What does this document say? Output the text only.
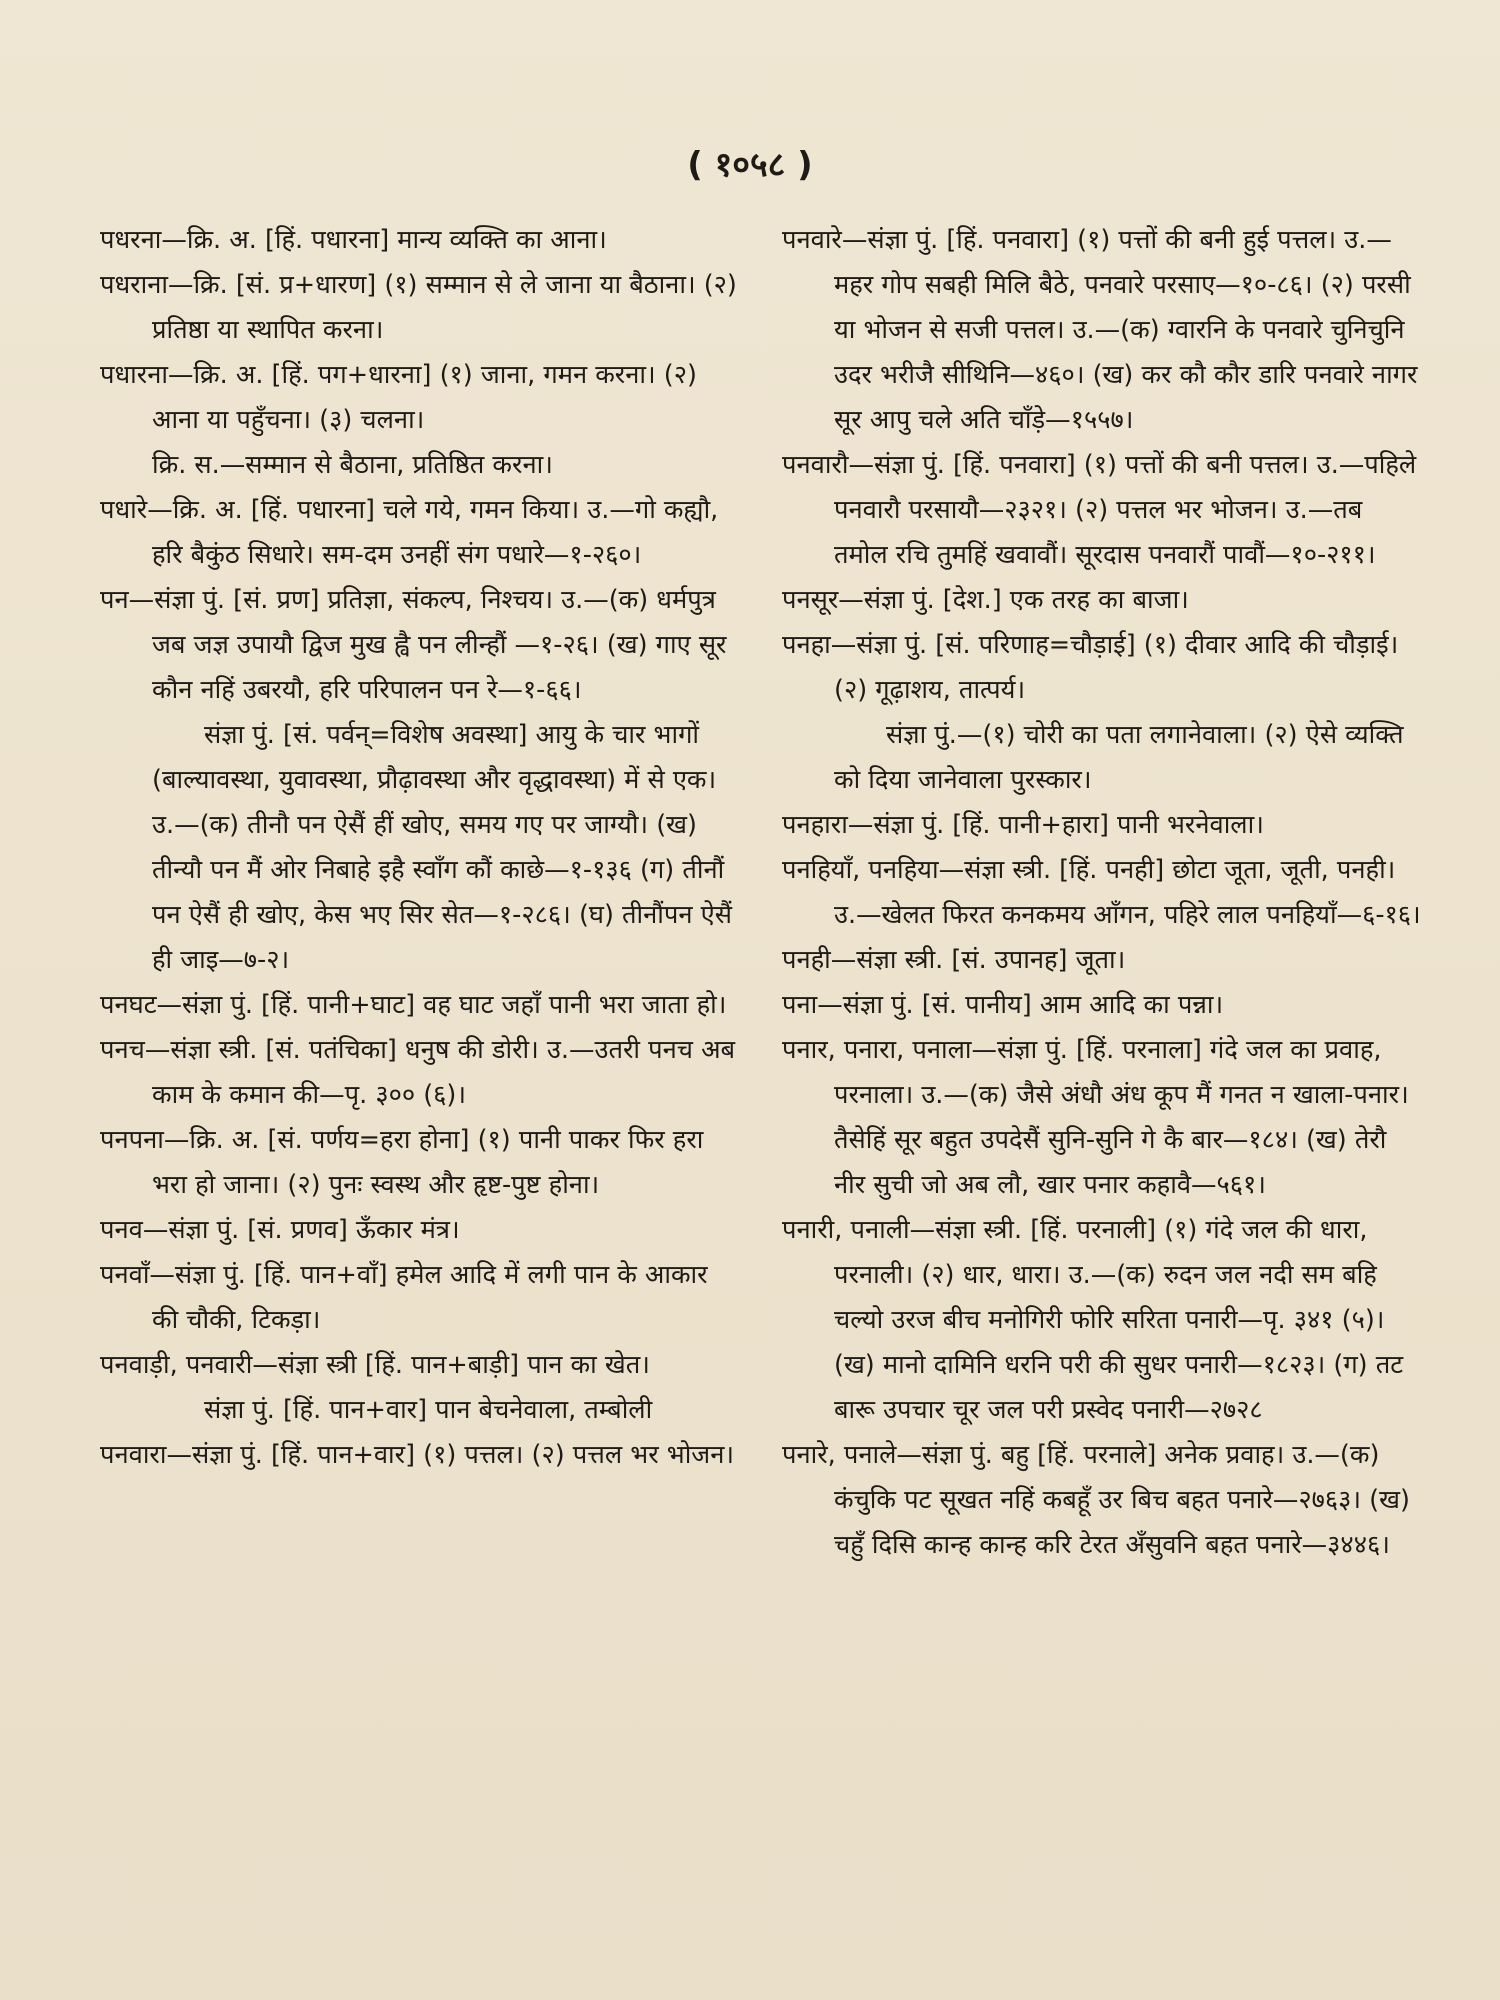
( १०५८ )

पधरना—क्रि. अ. [हिं. पधारना] मान्य व्यक्ति का आना।

पधराना—क्रि. [सं. प्र+धारण] (१) सम्मान से ले जाना या बैठाना। (२) प्रतिष्ठा या स्थापित करना।

पधारना—क्रि. अ. [हिं. पग+धारना] (१) जाना, गमन करना। (२) आना या पहुँचना। (३) चलना।

क्रि. स.—सम्मान से बैठाना, प्रतिष्ठित करना।

पधारे—क्रि. अ. [हिं. पधारना] चले गये, गमन किया। उ.—गो कह्यौ, हरि बैकुंठ सिधारे। सम-दम उनहीं संग पधारे—१-२६०।

पन—संज्ञा पुं. [सं. प्रण] प्रतिज्ञा, संकल्प, निश्चय। उ.—(क) धर्मपुत्र जब जज्ञ उपायौ द्विज मुख ह्वै पन लीन्हौं —१-२६। (ख) गाए सूर कौन नहिं उबरयौ, हरि परिपालन पन रे—१-६६।

संज्ञा पुं. [सं. पर्वन्=विशेष अवस्था] आयु के चार भागों (बाल्यावस्था, युवावस्था, प्रौढ़ावस्था और वृद्धावस्था) में से एक। उ.—(क) तीनौ पन ऐसैं हीं खोए, समय गए पर जाग्यौ। (ख) तीन्यौ पन मैं ओर निबाहे इहै स्वाँग कौं काछे—१-१३६ (ग) तीनौं पन ऐसैं ही खोए, केस भए सिर सेत—१-२८६। (घ) तीनौंपन ऐसैं ही जाइ—७-२।

पनघट—संज्ञा पुं. [हिं. पानी+घाट] वह घाट जहाँ पानी भरा जाता हो।

पनच—संज्ञा स्त्री. [सं. पतंचिका] धनुष की डोरी। उ.—उतरी पनच अब काम के कमान की—पृ. ३०० (६)।

पनपना—क्रि. अ. [सं. पर्णय=हरा होना] (१) पानी पाकर फिर हरा भरा हो जाना। (२) पुनः स्वस्थ और हृष्ट-पुष्ट होना।

पनव—संज्ञा पुं. [सं. प्रणव] ऊँकार मंत्र।

पनवाँ—संज्ञा पुं. [हिं. पान+वाँ] हमेल आदि में लगी पान के आकार की चौकी, टिकड़ा।

पनवाड़ी, पनवारी—संज्ञा स्त्री [हिं. पान+बाड़ी] पान का खेत।

संज्ञा पुं. [हिं. पान+वार] पान बेचनेवाला, तम्बोली

पनवारा—संज्ञा पुं. [हिं. पान+वार] (१) पत्तल। (२) पत्तल भर भोजन।

पनवारे—संज्ञा पुं. [हिं. पनवारा] (१) पत्तों की बनी हुई पत्तल। उ.—महर गोप सबही मिलि बैठे, पनवारे परसाए—१०-८६। (२) परसी या भोजन से सजी पत्तल। उ.—(क) ग्वारनि के पनवारे चुनिचुनि उदर भरीजै सीथिनि—४६०। (ख) कर कौ कौर डारि पनवारे नागर सूर आपु चले अति चाँड़े—१५५७।

पनवारौ—संज्ञा पुं. [हिं. पनवारा] (१) पत्तों की बनी पत्तल। उ.—पहिले पनवारौ परसायौ—२३२१। (२) पत्तल भर भोजन। उ.—तब तमोल रचि तुमहिं खवावौं। सूरदास पनवारौं पावौं—१०-२११।

पनसूर—संज्ञा पुं. [देश.] एक तरह का बाजा।

पनहा—संज्ञा पुं. [सं. परिणाह=चौड़ाई] (१) दीवार आदि की चौड़ाई। (२) गूढ़ाशय, तात्पर्य।

संज्ञा पुं.—(१) चोरी का पता लगानेवाला। (२) ऐसे व्यक्ति को दिया जानेवाला पुरस्कार।

पनहारा—संज्ञा पुं. [हिं. पानी+हारा] पानी भरनेवाला।

पनहियाँ, पनहिया—संज्ञा स्त्री. [हिं. पनही] छोटा जूता, जूती, पनही। उ.—खेलत फिरत कनकमय आँगन, पहिरे लाल पनहियाँ—६-१६।

पनही—संज्ञा स्त्री. [सं. उपानह] जूता।

पना—संज्ञा पुं. [सं. पानीय] आम आदि का पन्ना।

पनार, पनारा, पनाला—संज्ञा पुं. [हिं. परनाला] गंदे जल का प्रवाह, परनाला। उ.—(क) जैसे अंधौ अंध कूप मैं गनत न खाला-पनार। तैसेहिं सूर बहुत उपदेसैं सुनि-सुनि गे कै बार—१८४। (ख) तेरौ नीर सुची जो अब लौ, खार पनार कहावै—५६१।

पनारी, पनाली—संज्ञा स्त्री. [हिं. परनाली] (१) गंदे जल की धारा, परनाली। (२) धार, धारा। उ.—(क) रुदन जल नदी सम बहि चल्यो उरज बीच मनोगिरी फोरि सरिता पनारी—पृ. ३४१ (५)। (ख) मानो दामिनि धरनि परी की सुधर पनारी—१८२३। (ग) तट बारू उपचार चूर जल परी प्रस्वेद पनारी—२७२८

पनारे, पनाले—संज्ञा पुं. बहु [हिं. परनाले] अनेक प्रवाह। उ.—(क) कंचुकि पट सूखत नहिं कबहूँ उर बिच बहत पनारे—२७६३। (ख) चहुँ दिसि कान्ह कान्ह करि टेरत अँसुवनि बहत पनारे—३४४६।
